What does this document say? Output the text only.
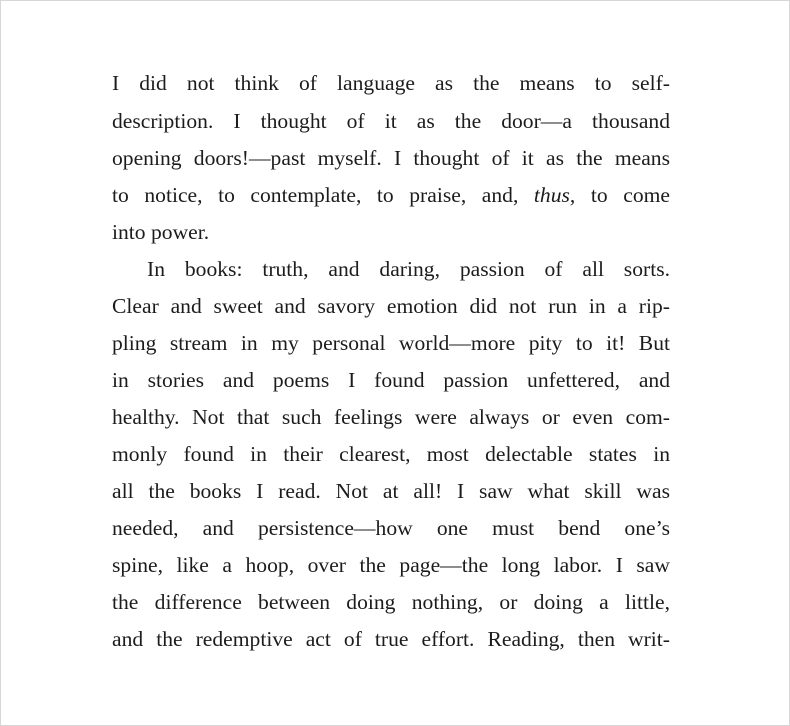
I did not think of language as the means to self-
description. I thought of it as the door—a thousand
opening doors!—past myself. I thought of it as the means
to notice, to contemplate, to praise, and, thus, to come
into power.
In books: truth, and daring, passion of all sorts.
Clear and sweet and savory emotion did not run in a rip-
pling stream in my personal world—more pity to it! But
in stories and poems I found passion unfettered, and
healthy. Not that such feelings were always or even com-
monly found in their clearest, most delectable states in
all the books I read. Not at all! I saw what skill was
needed, and persistence—how one must bend one’s
spine, like a hoop, over the page—the long labor. I saw
the difference between doing nothing, or doing a little,
and the redemptive act of true effort. Reading, then writ-
